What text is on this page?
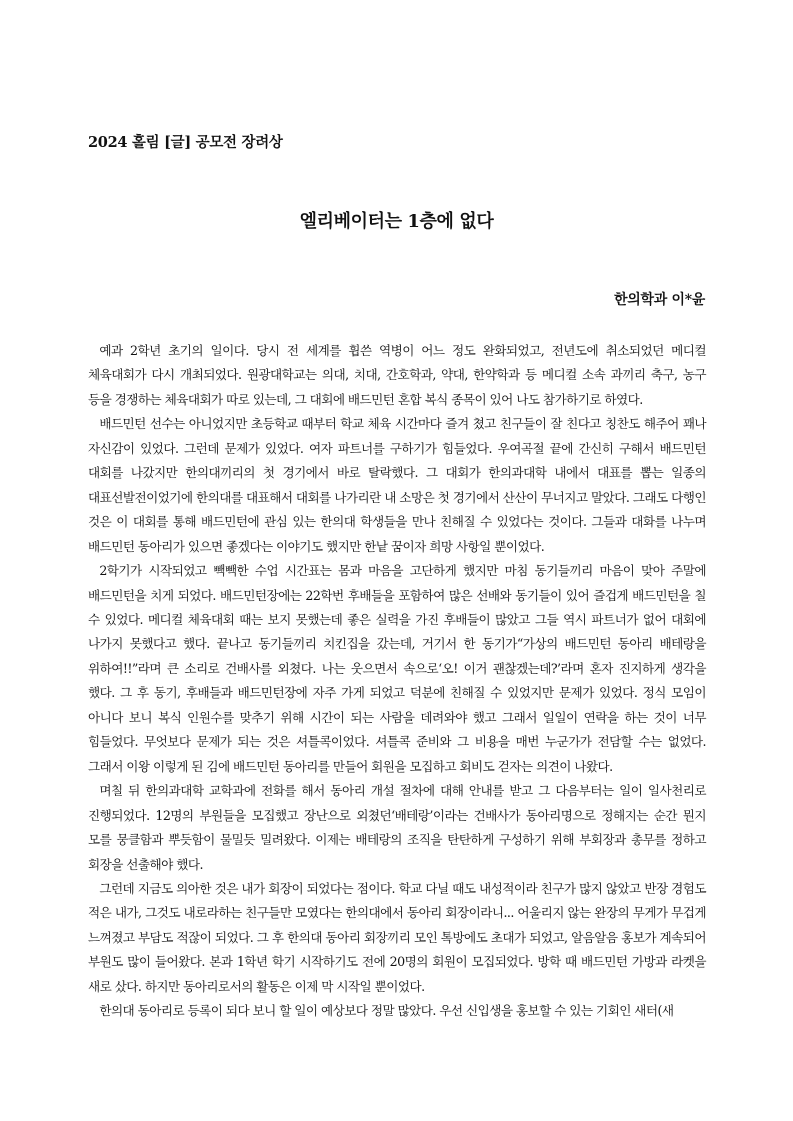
2024 홀림 [글] 공모전 장려상
엘리베이터는 1층에 없다
한의학과 이*윤

예과 2학년 초기의 일이다. 당시 전 세계를 휩쓴 역병이 어느 정도 완화되었고, 전년도에 취소되었던 메디컬 체육대회가 다시 개최되었다. 원광대학교는 의대, 치대, 간호학과, 약대, 한약학과 등 메디컬 소속 과끼리 축구, 농구 등을 경쟁하는 체육대회가 따로 있는데, 그 대회에 배드민턴 혼합 복식 종목이 있어 나도 참가하기로 하였다.

배드민턴 선수는 아니었지만 초등학교 때부터 학교 체육 시간마다 즐겨 쳤고 친구들이 잘 친다고 칭찬도 해주어 꽤나 자신감이 있었다. 그런데 문제가 있었다. 여자 파트너를 구하기가 힘들었다. 우여곡절 끝에 간신히 구해서 배드민턴 대회를 나갔지만 한의대끼리의 첫 경기에서 바로 탈락했다. 그 대회가 한의과대학 내에서 대표를 뽑는 일종의 대표선발전이었기에 한의대를 대표해서 대회를 나가리란 내 소망은 첫 경기에서 산산이 무너지고 말았다. 그래도 다행인 것은 이 대회를 통해 배드민턴에 관심 있는 한의대 학생들을 만나 친해질 수 있었다는 것이다. 그들과 대화를 나누며 배드민턴 동아리가 있으면 좋겠다는 이야기도 했지만 한낱 꿈이자 희망 사항일 뿐이었다.

2학기가 시작되었고 빽빽한 수업 시간표는 몸과 마음을 고단하게 했지만 마침 동기들끼리 마음이 맞아 주말에 배드민턴을 치게 되었다. 배드민턴장에는 22학번 후배들을 포함하여 많은 선배와 동기들이 있어 즐겁게 배드민턴을 칠 수 있었다. 메디컬 체육대회 때는 보지 못했는데 좋은 실력을 가진 후배들이 많았고 그들 역시 파트너가 없어 대회에 나가지 못했다고 했다. 끝나고 동기들끼리 치킨집을 갔는데, 거기서 한 동기가“가상의 배드민턴 동아리 배테랑을 위하여!!”라며 큰 소리로 건배사를 외쳤다. 나는 웃으면서 속으로‘오! 이거 괜찮겠는데?’라며 혼자 진지하게 생각을 했다. 그 후 동기, 후배들과 배드민턴장에 자주 가게 되었고 덕분에 친해질 수 있었지만 문제가 있었다. 정식 모임이 아니다 보니 복식 인원수를 맞추기 위해 시간이 되는 사람을 데려와야 했고 그래서 일일이 연락을 하는 것이 너무 힘들었다. 무엇보다 문제가 되는 것은 셔틀콕이었다. 셔틀콕 준비와 그 비용을 매번 누군가가 전담할 수는 없었다. 그래서 이왕 이렇게 된 김에 배드민턴 동아리를 만들어 회원을 모집하고 회비도 걷자는 의견이 나왔다.

며칠 뒤 한의과대학 교학과에 전화를 해서 동아리 개설 절차에 대해 안내를 받고 그 다음부터는 일이 일사천리로 진행되었다. 12명의 부원들을 모집했고 장난으로 외쳤던‘배테랑’이라는 건배사가 동아리명으로 정해지는 순간 뭔지 모를 뭉클함과 뿌듯함이 물밀듯 밀려왔다. 이제는 배테랑의 조직을 탄탄하게 구성하기 위해 부회장과 총무를 정하고 회장을 선출해야 했다.

그런데 지금도 의아한 것은 내가 회장이 되었다는 점이다. 학교 다닐 때도 내성적이라 친구가 많지 않았고 반장 경험도 적은 내가, 그것도 내로라하는 친구들만 모였다는 한의대에서 동아리 회장이라니... 어울리지 않는 완장의 무게가 무겁게 느껴졌고 부담도 적잖이 되었다. 그 후 한의대 동아리 회장끼리 모인 톡방에도 초대가 되었고, 알음알음 홍보가 계속되어 부원도 많이 들어왔다. 본과 1학년 학기 시작하기도 전에 20명의 회원이 모집되었다. 방학 때 배드민턴 가방과 라켓을 새로 샀다. 하지만 동아리로서의 활동은 이제 막 시작일 뿐이었다.

한의대 동아리로 등록이 되다 보니 할 일이 예상보다 정말 많았다. 우선 신입생을 홍보할 수 있는 기회인 새터(새
